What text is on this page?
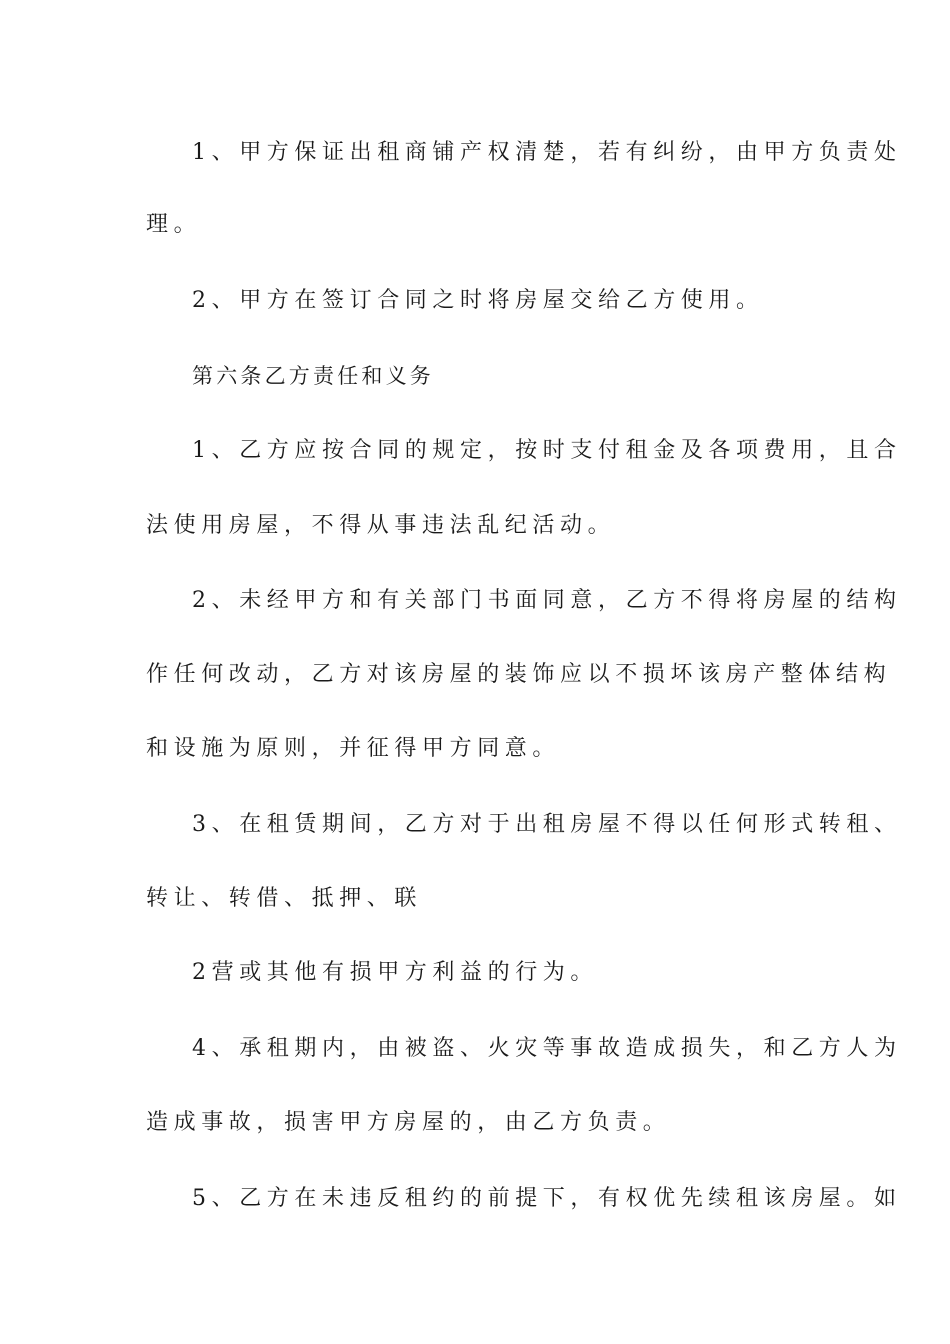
1、甲方保证出租商铺产权清楚，若有纠纷，由甲方负责处
理。
2、甲方在签订合同之时将房屋交给乙方使用。
第六条乙方责任和义务
1、乙方应按合同的规定，按时支付租金及各项费用，且合
法使用房屋，不得从事违法乱纪活动。
2、未经甲方和有关部门书面同意，乙方不得将房屋的结构
作任何改动，乙方对该房屋的装饰应以不损坏该房产整体结构
和设施为原则，并征得甲方同意。
3、在租赁期间，乙方对于出租房屋不得以任何形式转租、
转让、转借、抵押、联
2营或其他有损甲方利益的行为。
4、承租期内，由被盗、火灾等事故造成损失，和乙方人为
造成事故，损害甲方房屋的，由乙方负责。
5、乙方在未违反租约的前提下，有权优先续租该房屋。如
